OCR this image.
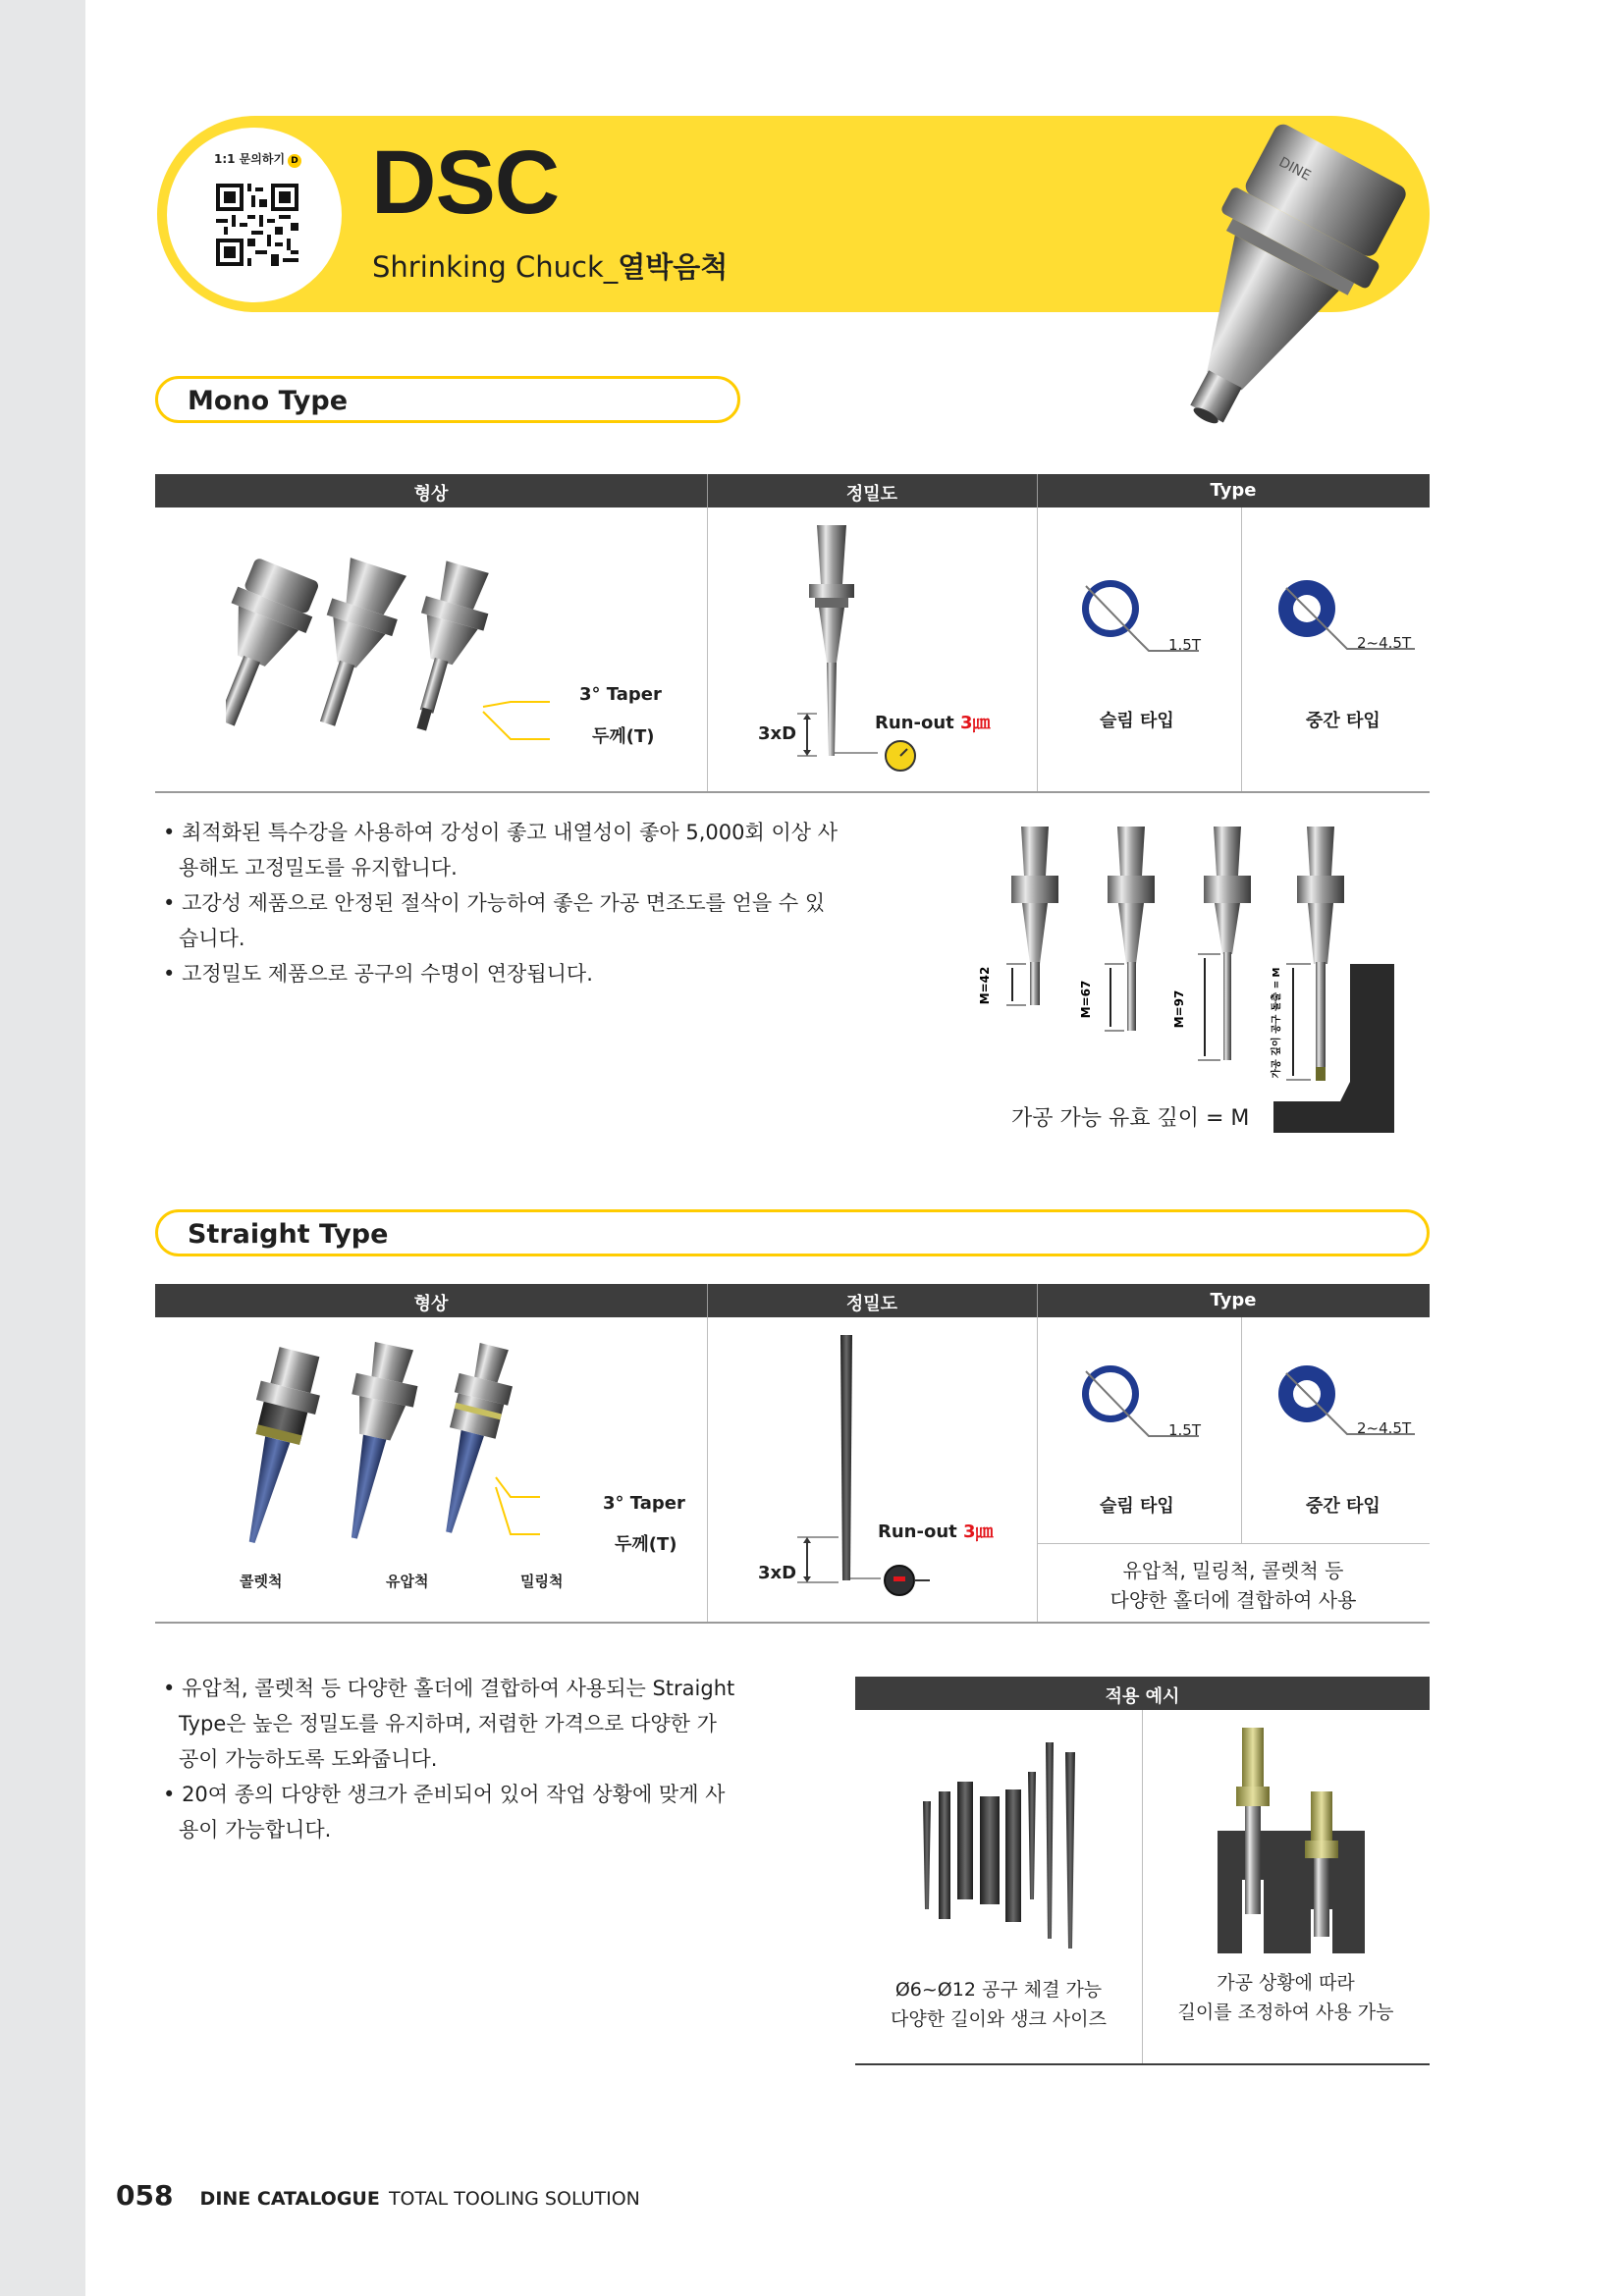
1:1 문의하기 D DSC
Shrinking Chuck_열박음척
DINE
Mono Type
형상	정밀도	Type
3° Taper
두께(T)	3xD
Run-out 3㎛
1.5T
슬림 타입
2~4.5T
중간 타입

• 최적화된 특수강을 사용하여 강성이 좋고 내열성이 좋아 5,000회 이상 사용해도 고정밀도를 유지합니다.

• 고강성 제품으로 안정된 절삭이 가능하여 좋은 가공 면조도를 얻을 수 있습니다.

• 고정밀도 제품으로 공구의 수명이 연장됩니다.	M=42	M=67	M=97	가공 깊이 공구 돌출 = M
가공 가능 유효 깊이 = M
Straight Type
형상	정밀도	Type
3° Taper
두께(T)
콜렛척	유압척	밀링척	3xD
Run-out 3㎛
1.5T
슬림 타입
2~4.5T
중간 타입
유압척, 밀링척, 콜렛척 등
다양한 홀더에 결합하여 사용

• 유압척, 콜렛척 등 다양한 홀더에 결합하여 사용되는 Straight Type은 높은 정밀도를 유지하며, 저렴한 가격으로 다양한 가공이 가능하도록 도와줍니다.

• 20여 종의 다양한 생크가 준비되어 있어 작업 상황에 맞게 사용이 가능합니다.

적용 예시
Ø6~Ø12 공구 체결 가능
다양한 길이와 생크 사이즈
가공 상황에 따라
길이를 조정하여 사용 가능
058 DINE CATALOGUE TOTAL TOOLING SOLUTION
